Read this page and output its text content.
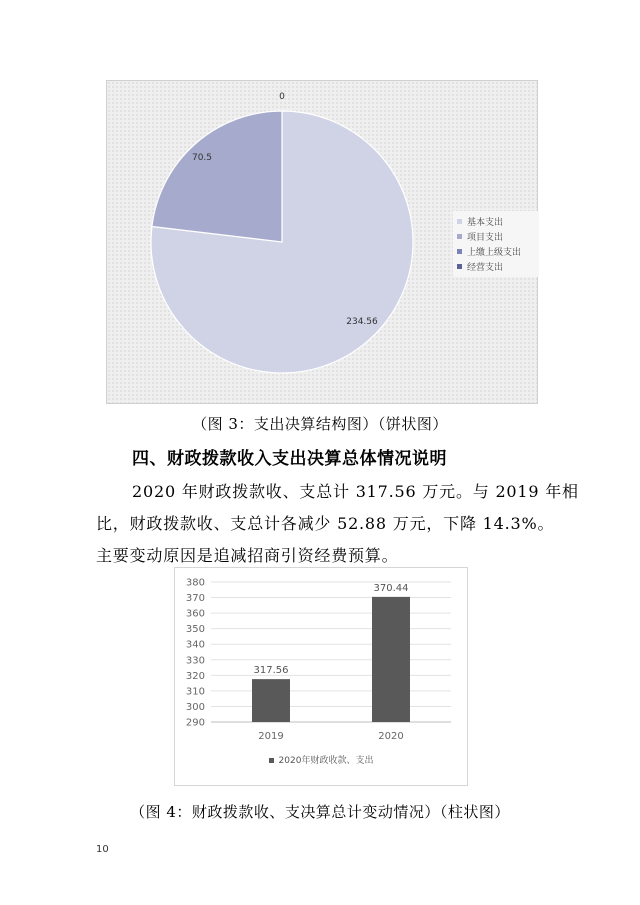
234.56
70.5
0
基本支出
项目支出
上缴上级支出
经营支出
（图 3：支出决算结构图）（饼状图）
四、财政拨款收入支出决算总体情况说明
2020 年财政拨款收、支总计 317.56 万元。与 2019 年相
比，财政拨款收、支总计各减少 52.88 万元，下降 14.3%。
主要变动原因是追减招商引资经费预算。
290
300
310
320
330
340
350
360
370
380
317.56
2019
370.44
2020
2020年财政收款、支出
（图 4：财政拨款收、支决算总计变动情况）（柱状图）
10
